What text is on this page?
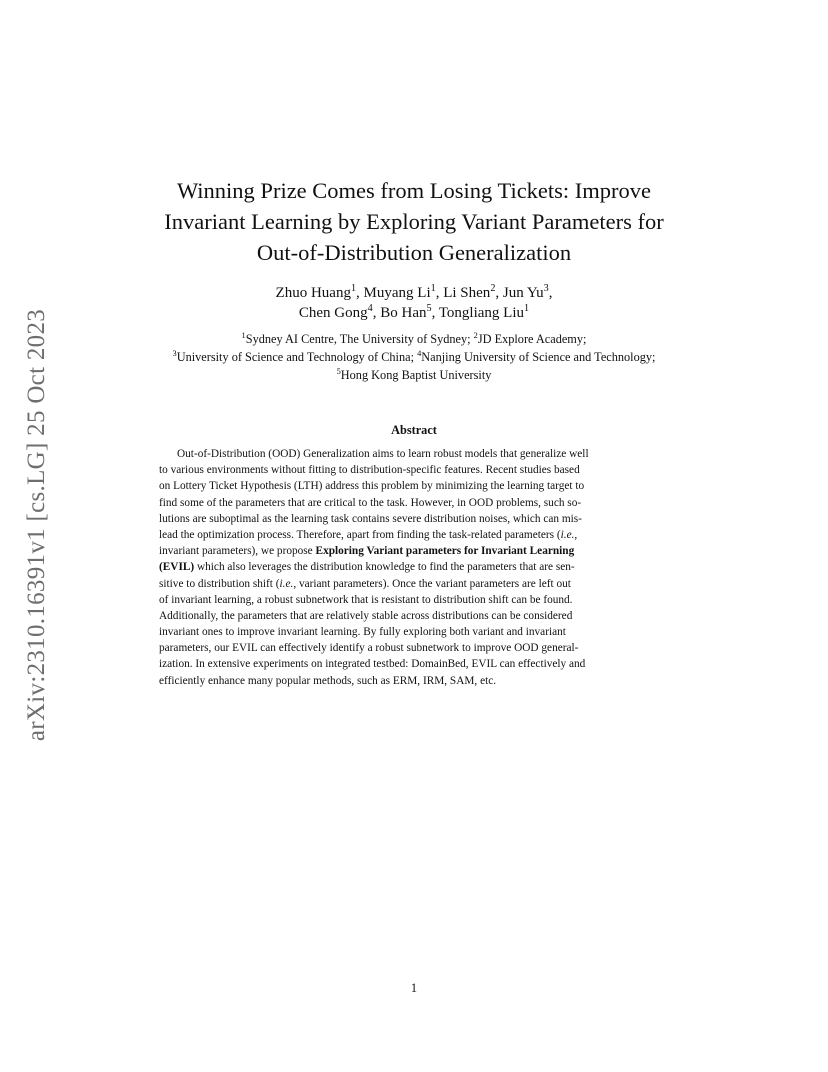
arXiv:2310.16391v1 [cs.LG] 25 Oct 2023
Winning Prize Comes from Losing Tickets: Improve
Invariant Learning by Exploring Variant Parameters for
Out-of-Distribution Generalization
Zhuo Huang$^1$, Muyang Li$^1$, Li Shen$^2$, Jun Yu$^3$,
Chen Gong$^4$, Bo Han$^5$, Tongliang Liu$^1$
$^1$Sydney AI Centre, The University of Sydney; $^2$JD Explore Academy;
$^3$University of Science and Technology of China; $^4$Nanjing University of Science and Technology;
$^5$Hong Kong Baptist University
Abstract
Out-of-Distribution (OOD) Generalization aims to learn robust models that generalize well
to various environments without fitting to distribution-specific features. Recent studies based
on Lottery Ticket Hypothesis (LTH) address this problem by minimizing the learning target to
find some of the parameters that are critical to the task. However, in OOD problems, such so-
lutions are suboptimal as the learning task contains severe distribution noises, which can mis-
lead the optimization process. Therefore, apart from finding the task-related parameters (i.e.,
invariant parameters), we propose Exploring Variant parameters for Invariant Learning
(EVIL) which also leverages the distribution knowledge to find the parameters that are sen-
sitive to distribution shift (i.e., variant parameters). Once the variant parameters are left out
of invariant learning, a robust subnetwork that is resistant to distribution shift can be found.
Additionally, the parameters that are relatively stable across distributions can be considered
invariant ones to improve invariant learning. By fully exploring both variant and invariant
parameters, our EVIL can effectively identify a robust subnetwork to improve OOD general-
ization. In extensive experiments on integrated testbed: DomainBed, EVIL can effectively and
efficiently enhance many popular methods, such as ERM, IRM, SAM, etc.
1
